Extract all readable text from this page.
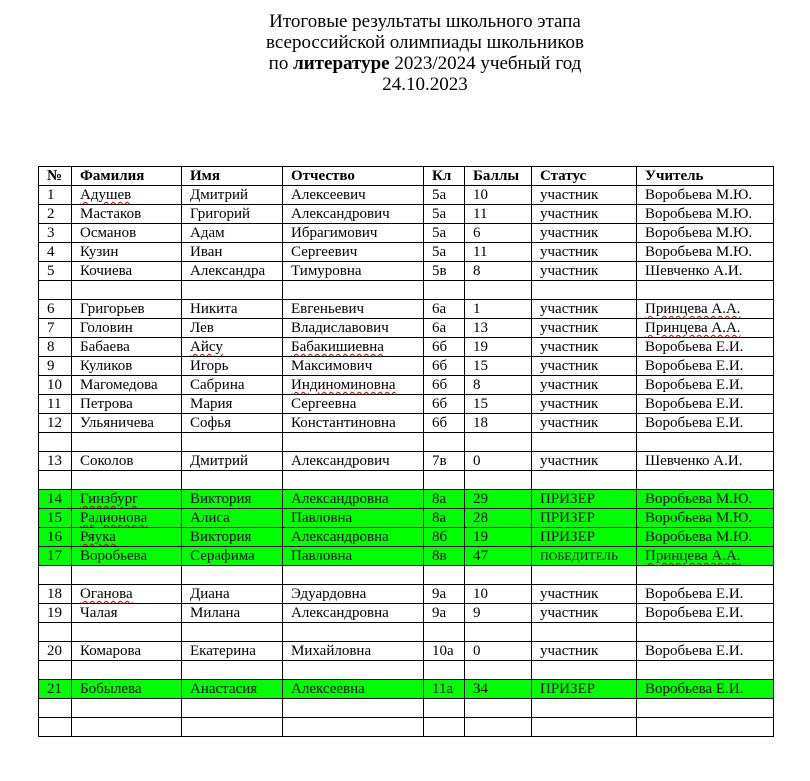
Итоговые результаты школьного этапа
всероссийской олимпиады школьников
по литературе 2023/2024 учебный год
24.10.2023
№	Фамилия	Имя	Отчество	Кл	Баллы	Статус	Учитель
1	Адушев	Дмитрий	Алексеевич	5а	10	участник	Воробьева М.Ю.
2	Мастаков	Григорий	Александрович	5а	11	участник	Воробьева М.Ю.
3	Османов	Адам	Ибрагимович	5а	6	участник	Воробьева М.Ю.
4	Кузин	Иван	Сергеевич	5а	11	участник	Воробьева М.Ю.
5	Кочиева	Александра	Тимуровна	5в	8	участник	Шевченко А.И.

6	Григорьев	Никита	Евгеньевич	6а	1	участник	Принцева А.А.
7	Головин	Лев	Владиславович	6а	13	участник	Принцева А.А.
8	Бабаева	Айсу	Бабакишиевна	6б	19	участник	Воробьева Е.И.
9	Куликов	Игорь	Максимович	6б	15	участник	Воробьева Е.И.
10	Магомедова	Сабрина	Индиноминовна	6б	8	участник	Воробьева Е.И.
11	Петрова	Мария	Сергеевна	6б	15	участник	Воробьева Е.И.
12	Ульяничева	Софья	Константиновна	6б	18	участник	Воробьева Е.И.

13	Соколов	Дмитрий	Александрович	7в	0	участник	Шевченко А.И.

14	Гинзбург	Виктория	Александровна	8а	29	ПРИЗЕР	Воробьева М.Ю.
15	Радионова	Алиса	Павловна	8а	28	ПРИЗЕР	Воробьева М.Ю.
16	Ряука	Виктория	Александровна	8б	19	ПРИЗЕР	Воробьева М.Ю.
17	Воробьева	Серафима	Павловна	8в	47	ПОБЕДИТЕЛЬ	Принцева А.А.

18	Оганова	Диана	Эдуардовна	9а	10	участник	Воробьева Е.И.
19	Чалая	Милана	Александровна	9а	9	участник	Воробьева Е.И.

20	Комарова	Екатерина	Михайловна	10а	0	участник	Воробьева Е.И.

21	Бобылева	Анастасия	Алексеевна	11а	34	ПРИЗЕР	Воробьева Е.И.
